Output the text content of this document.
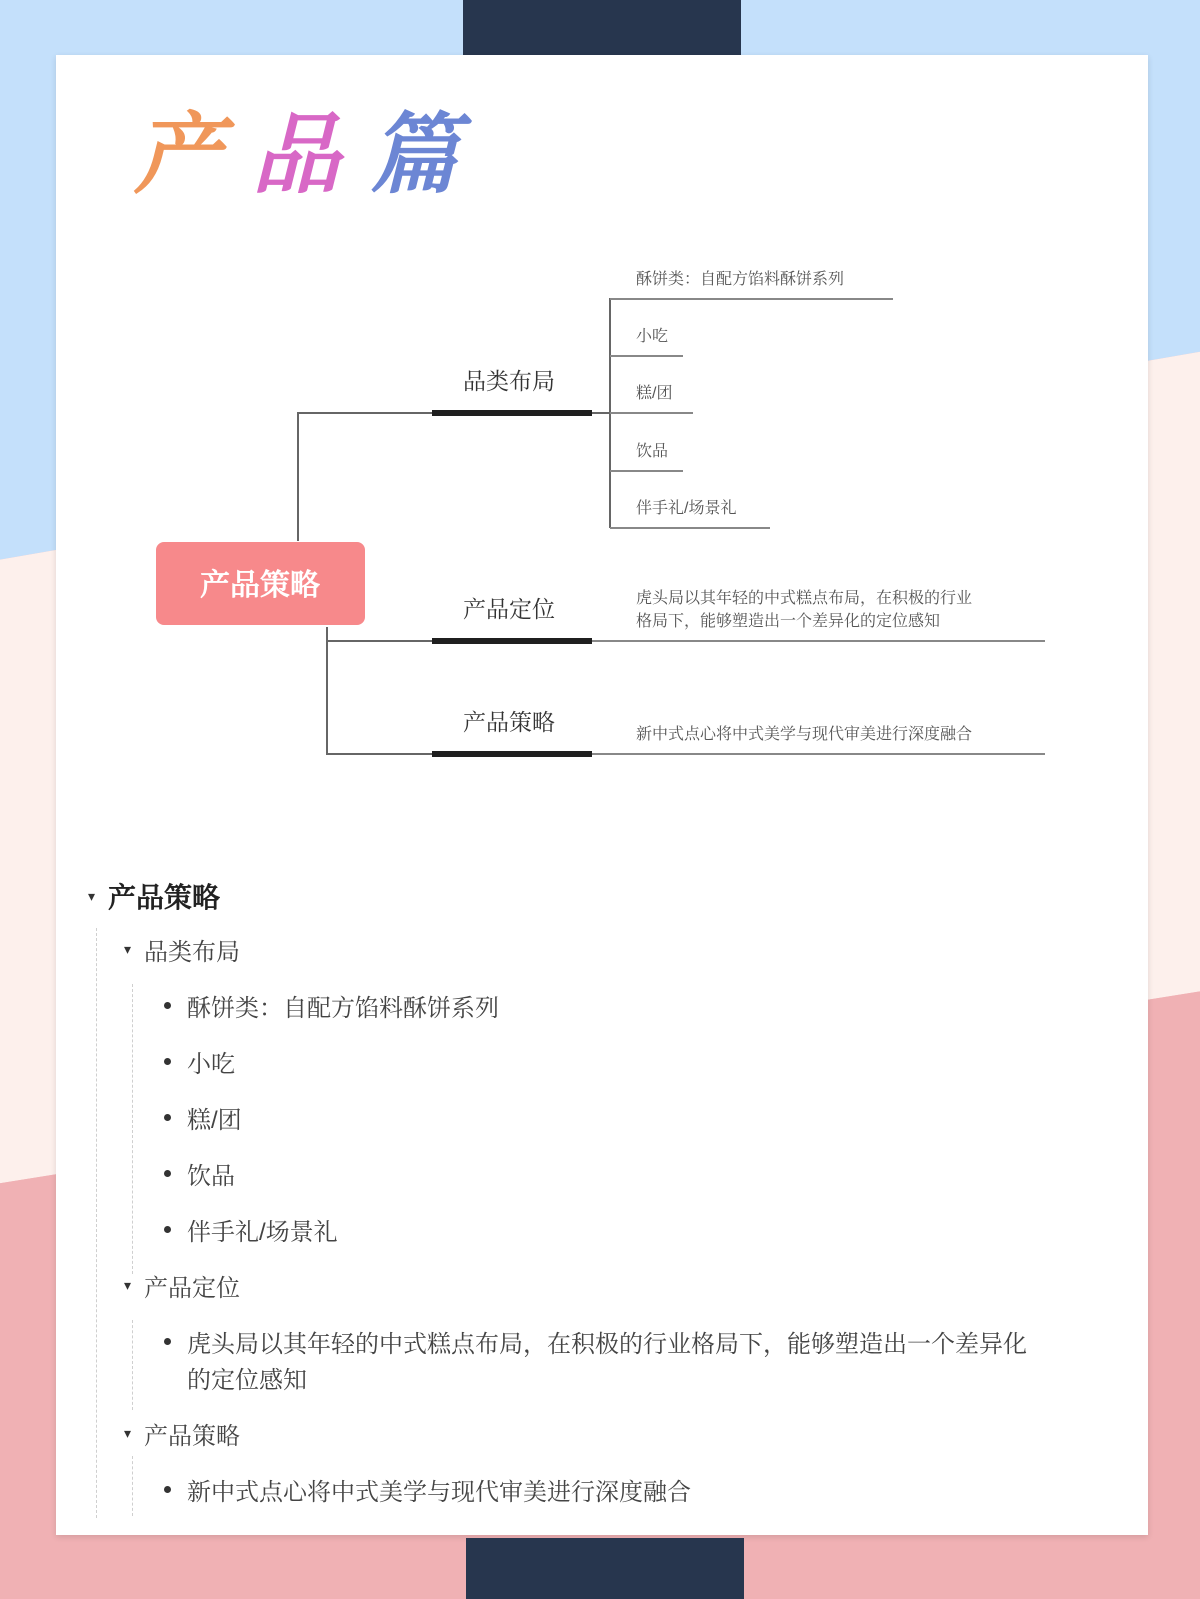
产品篇
产品策略
品类布局
产品定位
产品策略
酥饼类：自配方馅料酥饼系列
小吃
糕/团
饮品
伴手礼/场景礼
虎头局以其年轻的中式糕点布局，在积极的行业
格局下，能够塑造出一个差异化的定位感知
新中式点心将中式美学与现代审美进行深度融合
▾ 产品策略
▾ 品类布局
酥饼类：自配方馅料酥饼系列
小吃
糕/团
饮品
伴手礼/场景礼
▾ 产品定位
虎头局以其年轻的中式糕点布局，在积极的行业格局下，能够塑造出一个差异化
的定位感知
▾ 产品策略
新中式点心将中式美学与现代审美进行深度融合
